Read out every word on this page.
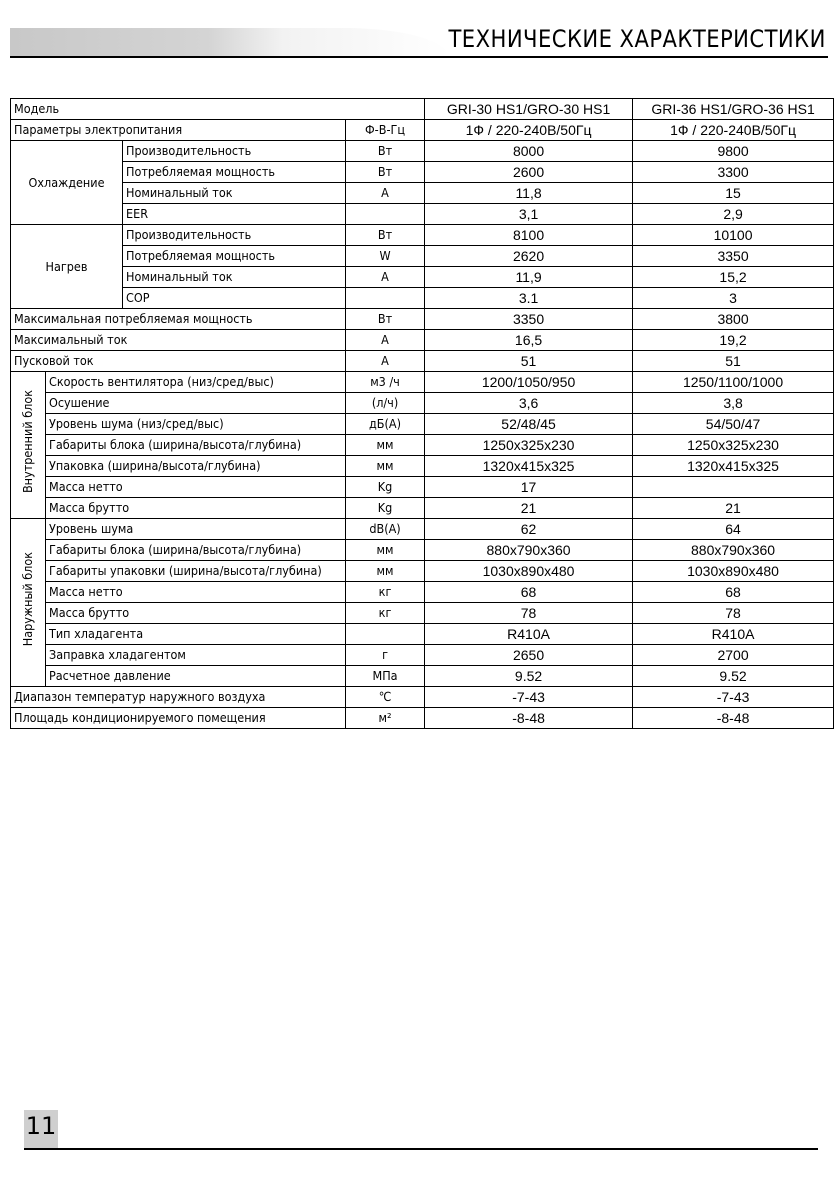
ТЕХНИЧЕСКИЕ ХАРАКТЕРИСТИКИ
Модель				GRI-30 HS1/GRO-30 HS1	GRI-36 HS1/GRO-36 HS1
Параметры электропитания			Ф-В-Гц	1Ф / 220-240В/50Гц	1Ф / 220-240В/50Гц
Охлаждение		Производительность	Вт	8000	9800
		Потребляемая мощность	Вт	2600	3300
		Номинальный ток	А	11,8	15
		EER		3,1	2,9
Нагрев		Производительность	Вт	8100	10100
		Потребляемая мощность	W	2620	3350
		Номинальный ток	А	11,9	15,2
		COP		3.1	3
Максимальная потребляемая мощность			Вт	3350	3800
Максимальный ток			А	16,5	19,2
Пусковой ток			А	51	51
Внутренний блок	Скорость вентилятора (низ/сред/выс)		м3 /ч	1200/1050/950	1250/1100/1000
	Осушение		(л/ч)	3,6	3,8
	Уровень шума (низ/сред/выс)		дБ(А)	52/48/45	54/50/47
	Габариты блока (ширина/высота/глубина)		мм	1250x325x230	1250x325x230
	Упаковка (ширина/высота/глубина)		мм	1320x415x325	1320x415x325
	Масса нетто		Kg	17	
	Масса брутто		Kg	21	21
Наружный блок	Уровень шума		dB(A)	62	64
	Габариты блока (ширина/высота/глубина)		мм	880x790x360	880x790x360
	Габариты упаковки (ширина/высота/глубина)		мм	1030x890x480	1030x890x480
	Масса нетто		кг	68	68
	Масса брутто		кг	78	78
	Тип хладагента			R410A	R410A
	Заправка хладагентом		г	2650	2700
	Расчетное давление		МПа	9.52	9.52
Диапазон температур наружного воздуха			℃	-7-43	-7-43
Площадь кондиционируемого помещения			м²	-8-48	-8-48
11
